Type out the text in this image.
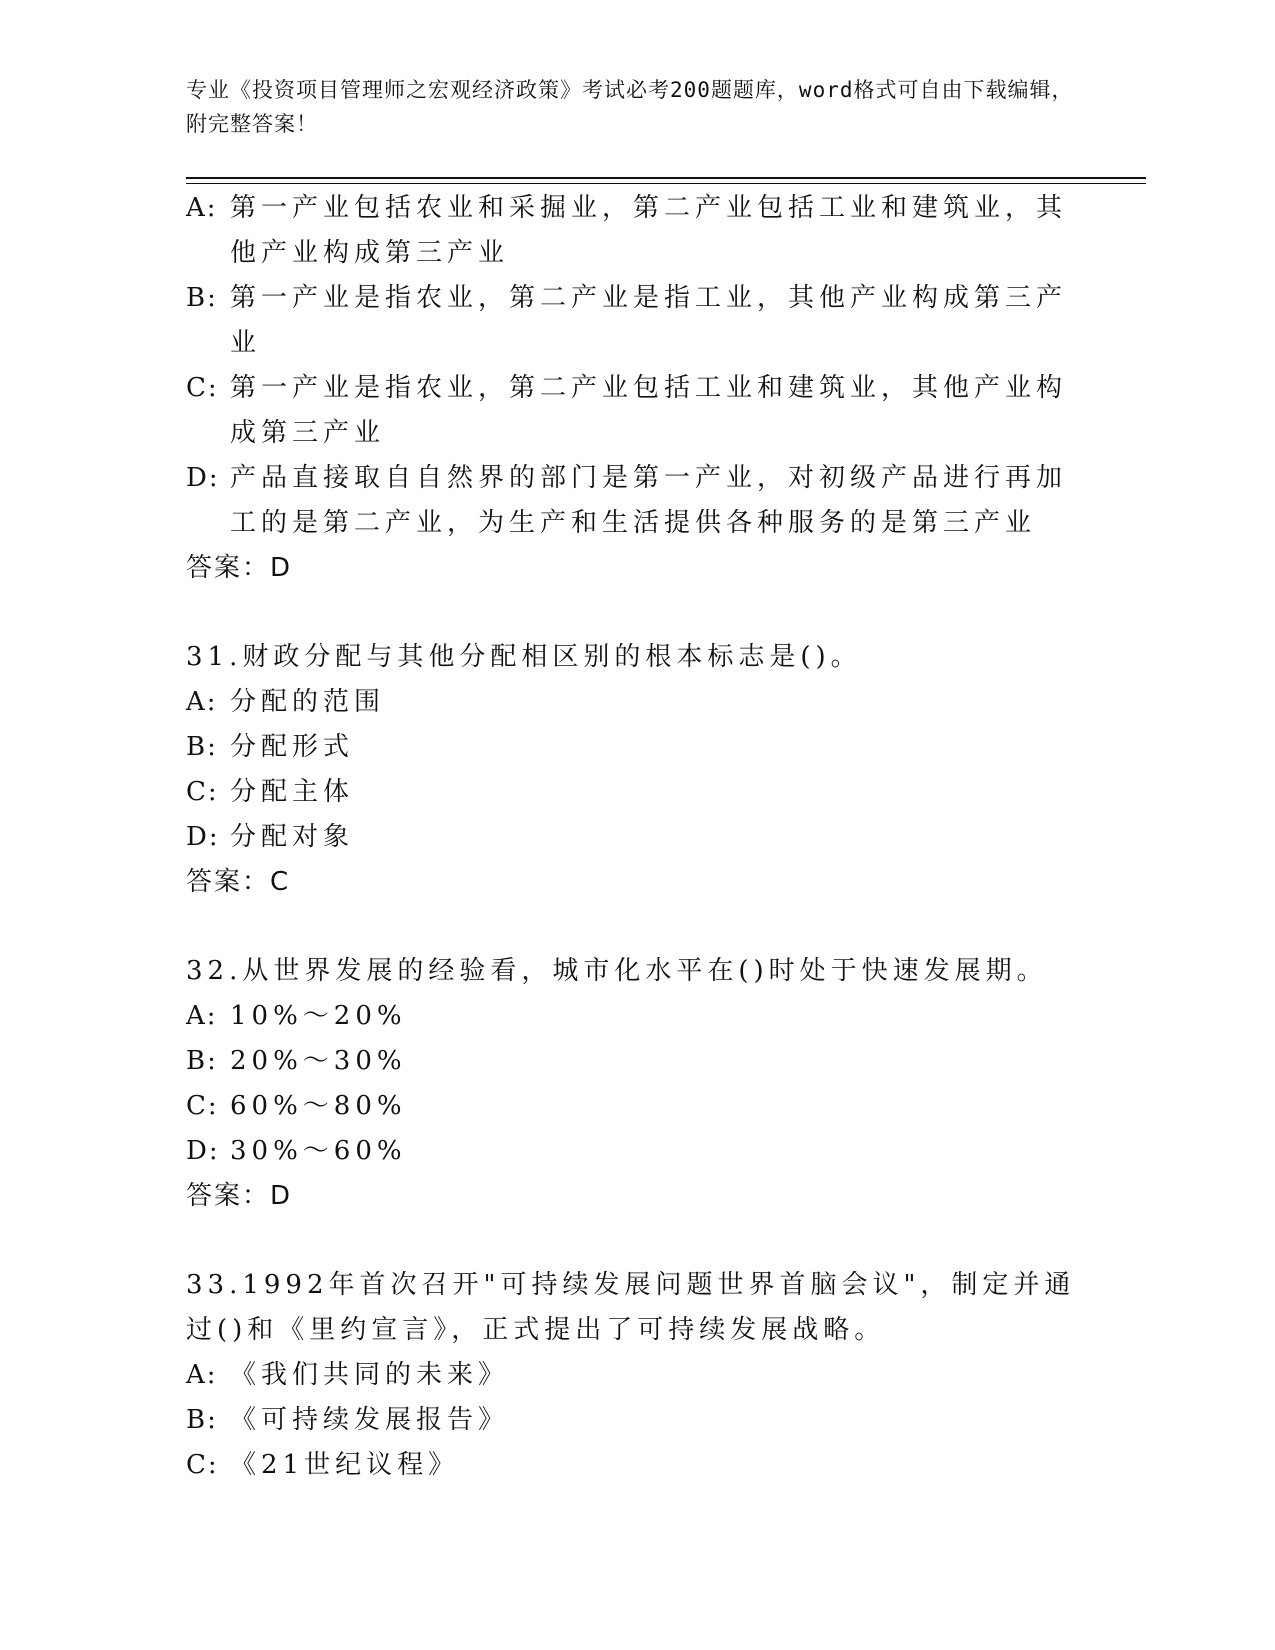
专业《投资项目管理师之宏观经济政策》考试必考200题题库，word格式可自由下载编辑，附完整答案！
A: 第一产业包括农业和采掘业，第二产业包括工业和建筑业，其他产业构成第三产业
B: 第一产业是指农业，第二产业是指工业，其他产业构成第三产业
C: 第一产业是指农业，第二产业包括工业和建筑业，其他产业构成第三产业
D: 产品直接取自自然界的部门是第一产业，对初级产品进行再加工的是第二产业，为生产和生活提供各种服务的是第三产业
答案：D
31.财政分配与其他分配相区别的根本标志是()。
A: 分配的范围
B: 分配形式
C: 分配主体
D: 分配对象
答案：C
32.从世界发展的经验看，城市化水平在()时处于快速发展期。
A: 10%～20%
B: 20%～30%
C: 60%～80%
D: 30%～60%
答案：D
33.1992年首次召开"可持续发展问题世界首脑会议"，制定并通过()和《里约宣言》，正式提出了可持续发展战略。
A: 《我们共同的未来》
B: 《可持续发展报告》
C: 《21世纪议程》
